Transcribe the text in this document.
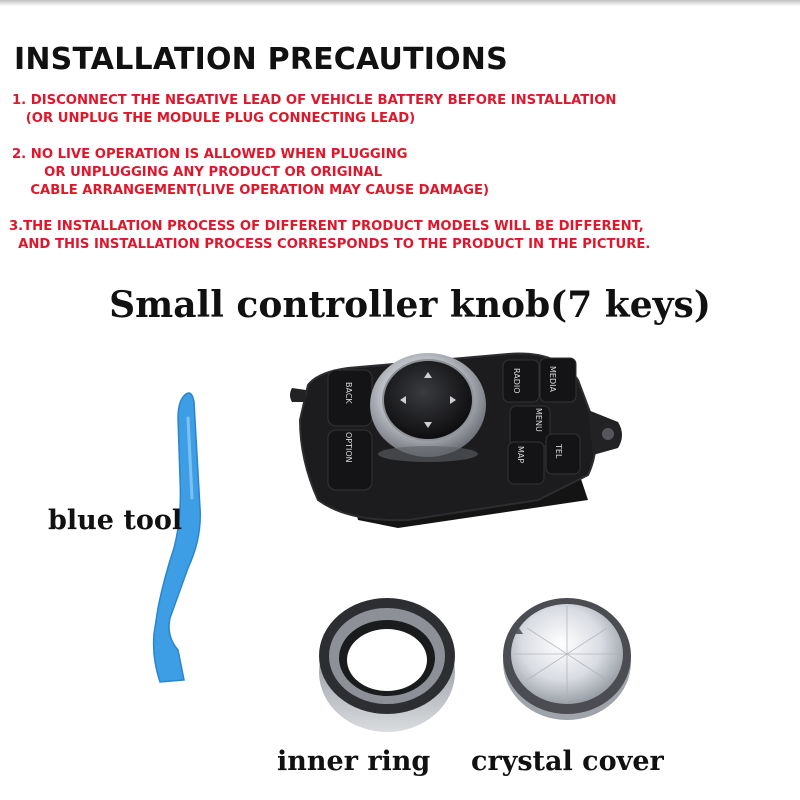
INSTALLATION PRECAUTIONS

1. DISCONNECT THE NEGATIVE LEAD OF VEHICLE BATTERY BEFORE INSTALLATION
(OR UNPLUG THE MODULE PLUG CONNECTING LEAD)

2. NO LIVE OPERATION IS ALLOWED WHEN PLUGGING
OR UNPLUGGING ANY PRODUCT OR ORIGINAL
CABLE ARRANGEMENT(LIVE OPERATION MAY CAUSE DAMAGE)

3.THE INSTALLATION PROCESS OF DIFFERENT PRODUCT MODELS WILL BE DIFFERENT,
AND THIS INSTALLATION PROCESS CORRESPONDS TO THE PRODUCT IN THE PICTURE.

Small controller knob(7 keys)
BACK
OPTION
RADIO	MEDIA
MENU
MAP	TEL

blue tool

inner ring crystal cover
